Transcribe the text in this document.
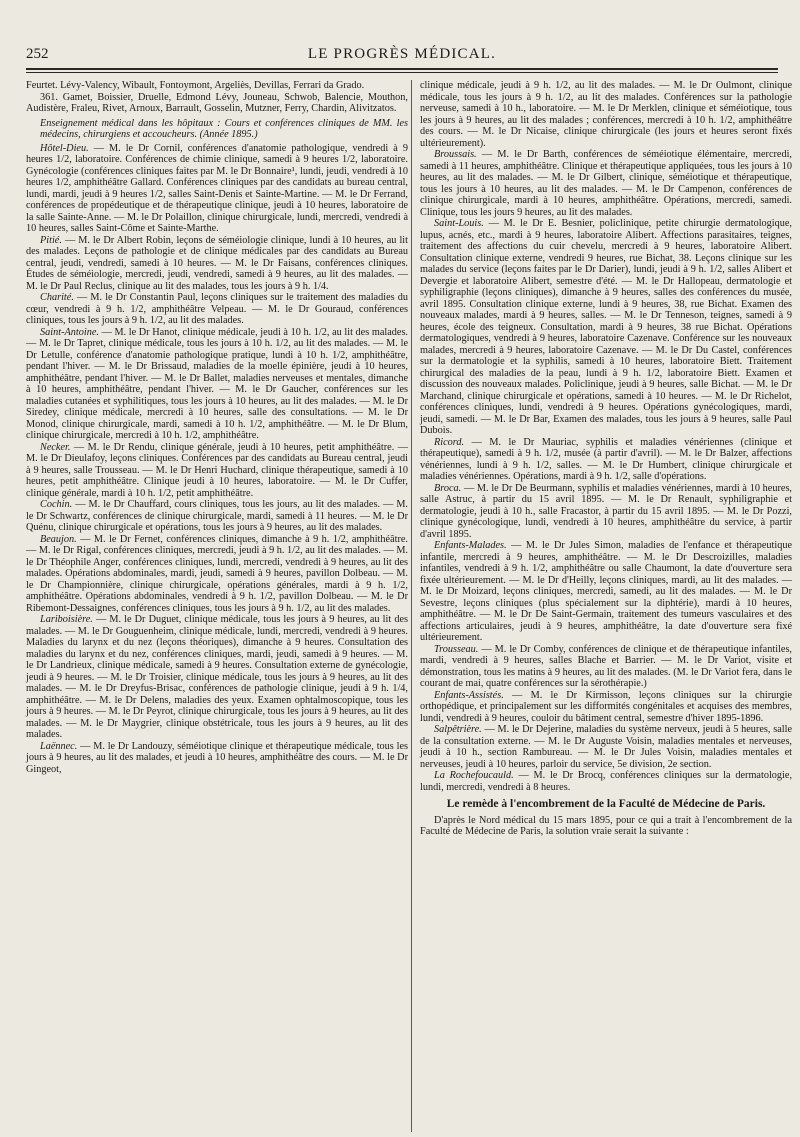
252	LE PROGRÈS MÉDICAL.

Feurtet. Lévy-Valency, Wibault, Fontoymont, Argeliès, Devillas, Ferrari da Grado.

361. Gamet, Boissier, Druelle, Edmond Lévy, Jouneau, Schwob, Balencie, Mouthon, Audistère, Fraleu, Rivet, Arnoux, Barrault, Gosselin, Mutzner, Ferry, Chardin, Alivitzatos.

Enseignement médical dans les hôpitaux : Cours et conférences cliniques de MM. les médecins, chirurgiens et accoucheurs. (Année 1895.)

Hôtel-Dieu. — M. le Dr Cornil, conférences d'anatomie pathologique, vendredi à 9 heures 1/2, laboratoire. Conférences de chimie clinique, samedi à 9 heures 1/2, laboratoire. Gynécologie (conférences cliniques faites par M. le Dr Bonnaire¹, lundi, jeudi, vendredi à 10 heures 1/2, amphithéâtre Gallard. Conférences cliniques par des candidats au bureau central, lundi, mardi, jeudi à 9 heures 1/2, salles Saint-Denis et Sainte-Martine. — M. le Dr Ferrand, conférences de propédeutique et de thérapeutique clinique, jeudi à 10 heures, laboratoire de la salle Sainte-Anne. — M. le Dr Polaillon, clinique chirurgicale, lundi, mercredi, vendredi à 10 heures, salles Saint-Côme et Sainte-Marthe.

Pitié. — M. le Dr Albert Robin, leçons de séméiologie clinique, lundi à 10 heures, au lit des malades. Leçons de pathologie et de clinique médicales par des candidats au Bureau central, jeudi, vendredi, samedi à 10 heures. — M. le Dr Faisans, conférences cliniques. Études de séméiologie, mercredi, jeudi, vendredi, samedi à 9 heures, au lit des malades. — M. le Dr Paul Reclus, clinique au lit des malades, tous les jours à 9 h. 1/4.

Charité. — M. le Dr Constantin Paul, leçons cliniques sur le traitement des maladies du cœur, vendredi à 9 h. 1/2, amphithéâtre Velpeau. — M. le Dr Gouraud, conférences cliniques, tous les jours à 9 h. 1/2, au lit des malades.

Saint-Antoine. — M. le Dr Hanot, clinique médicale, jeudi à 10 h. 1/2, au lit des malades. — M. le Dr Tapret, clinique médicale, tous les jours à 10 h. 1/2, au lit des malades. — M. le Dr Letulle, conférence d'anatomie pathologique pratique, lundi à 10 h. 1/2, amphithéâtre, pendant l'hiver. — M. le Dr Brissaud, maladies de la moelle épinière, jeudi à 10 heures, amphithéâtre, pendant l'hiver. — M. le Dr Ballet, maladies nerveuses et mentales, dimanche à 10 heures, amphithéâtre, pendant l'hiver. — M. le Dr Gaucher, conférences sur les maladies cutanées et syphilitiques, tous les jours à 10 heures, au lit des malades. — M. le Dr Siredey, clinique médicale, mercredi à 10 heures, salle des consultations. — M. le Dr Monod, clinique chirurgicale, mardi, samedi à 10 h. 1/2, amphithéâtre. — M. le Dr Blum, clinique chirurgicale, mercredi à 10 h. 1/2, amphithéâtre.

Necker. — M. le Dr Rendu, clinique générale, jeudi à 10 heures, petit amphithéâtre. — M. le Dr Dieulafoy, leçons cliniques. Conférences par des candidats au Bureau central, jeudi à 9 heures, salle Trousseau. — M. le Dr Henri Huchard, clinique thérapeutique, samedi à 10 heures, petit amphithéâtre. Clinique jeudi à 10 heures, laboratoire. — M. le Dr Cuffer, clinique générale, mardi à 10 h. 1/2, petit amphithéâtre.

Cochin. — M. le Dr Chauffard, cours cliniques, tous les jours, au lit des malades. — M. le Dr Schwartz, conférences de clinique chirurgicale, mardi, samedi à 11 heures. — M. le Dr Quénu, clinique chirurgicale et opérations, tous les jours à 9 heures, au lit des malades.

Beaujon. — M. le Dr Fernet, conférences cliniques, dimanche à 9 h. 1/2, amphithéâtre. — M. le Dr Rigal, conférences cliniques, mercredi, jeudi à 9 h. 1/2, au lit des malades. — M. le Dr Théophile Anger, conférences cliniques, lundi, mercredi, vendredi à 9 heures, au lit des malades. Opérations abdominales, mardi, jeudi, samedi à 9 heures, pavillon Dolbeau. — M. le Dr Championnière, clinique chirurgicale, opérations générales, mardi à 9 h. 1/2, amphithéâtre. Opérations abdominales, vendredi à 9 h. 1/2, pavillon Dolbeau. — M. le Dr Ribemont-Dessaignes, conférences cliniques, tous les jours à 9 h. 1/2, au lit des malades.

Lariboisière. — M. le Dr Duguet, clinique médicale, tous les jours à 9 heures, au lit des malades. — M. le Dr Gouguenheim, clinique médicale, lundi, mercredi, vendredi à 9 heures. Maladies du larynx et du nez (leçons théoriques), dimanche à 9 heures. Consultation des maladies du larynx et du nez, conférences cliniques, mardi, jeudi, samedi à 9 heures. — M. le Dr Landrieux, clinique médicale, samedi à 9 heures. Consultation externe de gynécologie, jeudi à 9 heures. — M. le Dr Troisier, clinique médicale, tous les jours à 9 heures, au lit des malades. — M. le Dr Dreyfus-Brisac, conférences de pathologie clinique, jeudi à 9 h. 1/4, amphithéâtre. — M. le Dr Delens, maladies des yeux. Examen ophtalmoscopique, tous les jours à 9 heures. — M. le Dr Peyrot, clinique chirurgicale, tous les jours à 9 heures, au lit des malades. — M. le Dr Maygrier, clinique obstétricale, tous les jours à 9 heures, au lit des malades.

Laënnec. — M. le Dr Landouzy, séméiotique clinique et thérapeutique médicale, tous les jours à 9 heures, au lit des malades, et jeudi à 10 heures, amphithéâtre des cours. — M. le Dr Gingeot,

clinique médicale, jeudi à 9 h. 1/2, au lit des malades. — M. le Dr Oulmont, clinique médicale, tous les jours à 9 h. 1/2, au lit des malades. Conférences sur la pathologie nerveuse, samedi à 10 h., laboratoire. — M. le Dr Merklen, clinique et séméiotique, tous les jours à 9 heures, au lit des malades ; conférences, mercredi à 10 h. 1/2, amphithéâtre des cours. — M. le Dr Nicaise, clinique chirurgicale (les jours et heures seront fixés ultérieurement).

Broussais. — M. le Dr Barth, conférences de séméiotique élémentaire, mercredi, samedi à 11 heures, amphithéâtre. Clinique et thérapeutique appliquées, tous les jours à 10 heures, au lit des malades. — M. le Dr Gilbert, clinique, séméiotique et thérapeutique, tous les jours à 10 heures, au lit des malades. — M. le Dr Campenon, conférences de clinique chirurgicale, mardi à 10 heures, amphithéâtre. Opérations, mercredi, samedi. Clinique, tous les jours 9 heures, au lit des malades.

Saint-Louis. — M. le Dr E. Besnier, policlinique, petite chirurgie dermatologique, lupus, acnés, etc., mardi à 9 heures, laboratoire Alibert. Affections parasitaires, teignes, traitement des affections du cuir chevelu, mercredi à 9 heures, laboratoire Alibert. Consultation clinique externe, vendredi 9 heures, rue Bichat, 38. Leçons clinique sur les malades du service (leçons faites par le Dr Darier), lundi, jeudi à 9 h. 1/2, salles Alibert et Devergie et laboratoire Alibert, semestre d'été. — M. le Dr Hallopeau, dermatologie et syphiligraphie (leçons cliniques), dimanche à 9 heures, salles des conférences du musée, avril 1895. Consultation clinique externe, lundi à 9 heures, 38, rue Bichat. Examen des nouveaux malades, mardi à 9 heures, salles. — M. le Dr Tenneson, teignes, samedi à 9 heures, école des teigneux. Consultation, mardi à 9 heures, 38 rue Bichat. Opérations dermatologiques, vendredi à 9 heures, laboratoire Cazenave. Conférence sur les nouveaux malades, mercredi à 9 heures, laboratoire Cazenave. — M. le Dr Du Castel, conférences sur la dermatologie et la syphilis, samedi à 10 heures, laboratoire Biett. Traitement chirurgical des maladies de la peau, lundi à 9 h. 1/2, laboratoire Biett. Examen et discussion des nouveaux malades. Policlinique, jeudi à 9 heures, salle Bichat. — M. le Dr Marchand, clinique chirurgicale et opérations, samedi à 10 heures. — M. le Dr Richelot, conférences cliniques, lundi, vendredi à 9 heures. Opérations gynécologiques, mardi, jeudi, samedi. — M. le Dr Bar, Examen des malades, tous les jours à 9 heures, salle Paul Dubois.

Ricord. — M. le Dr Mauriac, syphilis et maladies vénériennes (clinique et thérapeutique), samedi à 9 h. 1/2, musée (à partir d'avril). — M. le Dr Balzer, affections vénériennes, lundi à 9 h. 1/2, salles. — M. le Dr Humbert, clinique chirurgicale et maladies vénériennes. Opérations, mardi à 9 h. 1/2, salle d'opérations.

Broca. — M. le Dr De Beurmann, syphilis et maladies vénériennes, mardi à 10 heures, salle Astruc, à partir du 15 avril 1895. — M. le Dr Renault, syphiligraphie et dermatologie, jeudi à 10 h., salle Fracastor, à partir du 15 avril 1895. — M. le Dr Pozzi, clinique gynécologique, lundi, vendredi à 10 heures, amphithéâtre du service, à partir d'avril 1895.

Enfants-Malades. — M. le Dr Jules Simon, maladies de l'enfance et thérapeutique infantile, mercredi à 9 heures, amphithéâtre. — M. le Dr Descroizilles, maladies infantiles, vendredi à 9 h. 1/2, amphithéâtre ou salle Chaumont, la date d'ouverture sera fixée ultérieurement. — M. le Dr d'Heilly, leçons cliniques, mardi, au lit des malades. — M. le Dr Moizard, leçons cliniques, mercredi, samedi, au lit des malades. — M. le Dr Sevestre, leçons cliniques (plus spécialement sur la diphtérie), mardi à 10 heures, amphithéâtre. — M. le Dr De Saint-Germain, traitement des tumeurs vasculaires et des affections articulaires, jeudi à 9 heures, amphithéâtre, la date d'ouverture sera fixé ultérieurement.

Trousseau. — M. le Dr Comby, conférences de clinique et de thérapeutique infantiles, mardi, vendredi à 9 heures, salles Blache et Barrier. — M. le Dr Variot, visite et démonstration, tous les matins à 9 heures, au lit des malades. (M. le Dr Variot fera, dans le courant de mai, quatre conférences sur la sérothérapie.)

Enfants-Assistés. — M. le Dr Kirmisson, leçons cliniques sur la chirurgie orthopédique, et principalement sur les difformités congénitales et acquises des membres, lundi, vendredi à 9 heures, couloir du bâtiment central, semestre d'hiver 1895-1896.

Salpêtrière. — M. le Dr Dejerine, maladies du système nerveux, jeudi à 5 heures, salle de la consultation externe. — M. le Dr Auguste Voisin, maladies mentales et nerveuses, jeudi à 10 h., section Rambureau. — M. le Dr Jules Voisin, maladies mentales et nerveuses, jeudi à 10 heures, parloir du service, 5e division, 2e section.

La Rochefoucauld. — M. le Dr Brocq, conférences cliniques sur la dermatologie, lundi, mercredi, vendredi à 8 heures.

Le remède à l'encombrement de la Faculté de Médecine de Paris.

D'après le Nord médical du 15 mars 1895, pour ce qui a trait à l'encombrement de la Faculté de Médecine de Paris, la solution vraie serait la suivante :
